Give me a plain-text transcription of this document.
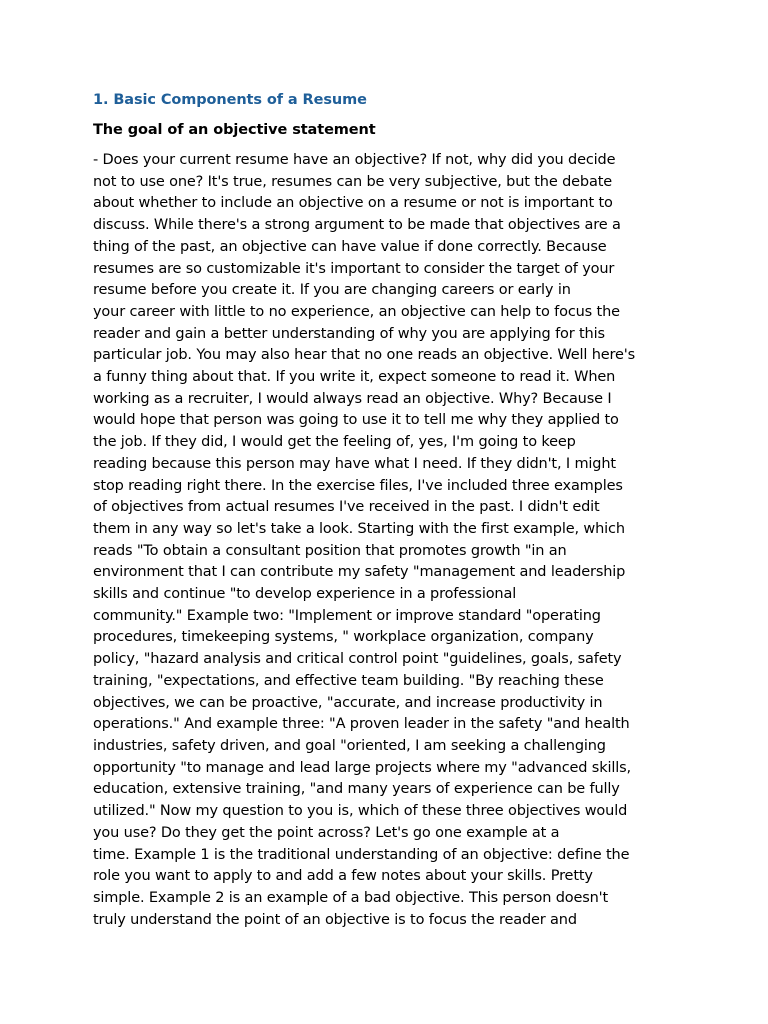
1. Basic Components of a Resume
The goal of an objective statement

- Does your current resume have an objective? If not, why did you decide
not to use one? It's true, resumes can be very subjective, but the debate
about whether to include an objective on a resume or not is important to
discuss. While there's a strong argument to be made that objectives are a
thing of the past, an objective can have value if done correctly. Because
resumes are so customizable it's important to consider the target of your
resume before you create it. If you are changing careers or early in
your career with little to no experience, an objective can help to focus the
reader and gain a better understanding of why you are applying for this
particular job. You may also hear that no one reads an objective. Well here's
a funny thing about that. If you write it, expect someone to read it. When
working as a recruiter, I would always read an objective. Why? Because I
would hope that person was going to use it to tell me why they applied to
the job. If they did, I would get the feeling of, yes, I'm going to keep
reading because this person may have what I need. If they didn't, I might
stop reading right there. In the exercise files, I've included three examples
of objectives from actual resumes I've received in the past. I didn't edit
them in any way so let's take a look. Starting with the first example, which
reads "To obtain a consultant position that promotes growth "in an
environment that I can contribute my safety "management and leadership
skills and continue "to develop experience in a professional
community." Example two: "Implement or improve standard "operating
procedures, timekeeping systems, " workplace organization, company
policy, "hazard analysis and critical control point "guidelines, goals, safety
training, "expectations, and effective team building. "By reaching these
objectives, we can be proactive, "accurate, and increase productivity in
operations." And example three: "A proven leader in the safety "and health
industries, safety driven, and goal "oriented, I am seeking a challenging
opportunity "to manage and lead large projects where my "advanced skills,
education, extensive training, "and many years of experience can be fully
utilized." Now my question to you is, which of these three objectives would
you use? Do they get the point across? Let's go one example at a
time. Example 1 is the traditional understanding of an objective: define the
role you want to apply to and add a few notes about your skills. Pretty
simple. Example 2 is an example of a bad objective. This person doesn't
truly understand the point of an objective is to focus the reader and
